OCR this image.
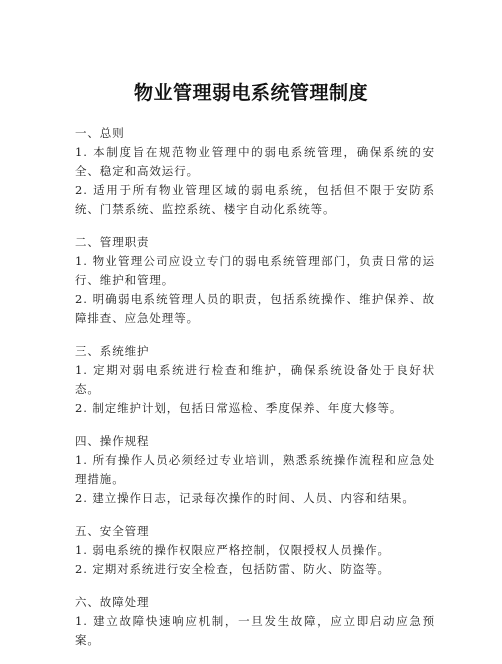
物业管理弱电系统管理制度
一、总则
1. 本制度旨在规范物业管理中的弱电系统管理，确保系统的安全、稳定和高效运行。
2. 适用于所有物业管理区域的弱电系统，包括但不限于安防系统、门禁系统、监控系统、楼宇自动化系统等。
二、管理职责
1. 物业管理公司应设立专门的弱电系统管理部门，负责日常的运行、维护和管理。
2. 明确弱电系统管理人员的职责，包括系统操作、维护保养、故障排查、应急处理等。
三、系统维护
1. 定期对弱电系统进行检查和维护，确保系统设备处于良好状态。
2. 制定维护计划，包括日常巡检、季度保养、年度大修等。
四、操作规程
1. 所有操作人员必须经过专业培训，熟悉系统操作流程和应急处理措施。
2. 建立操作日志，记录每次操作的时间、人员、内容和结果。
五、安全管理
1. 弱电系统的操作权限应严格控制，仅限授权人员操作。
2. 定期对系统进行安全检查，包括防雷、防火、防盗等。
六、故障处理
1. 建立故障快速响应机制，一旦发生故障，应立即启动应急预案。
